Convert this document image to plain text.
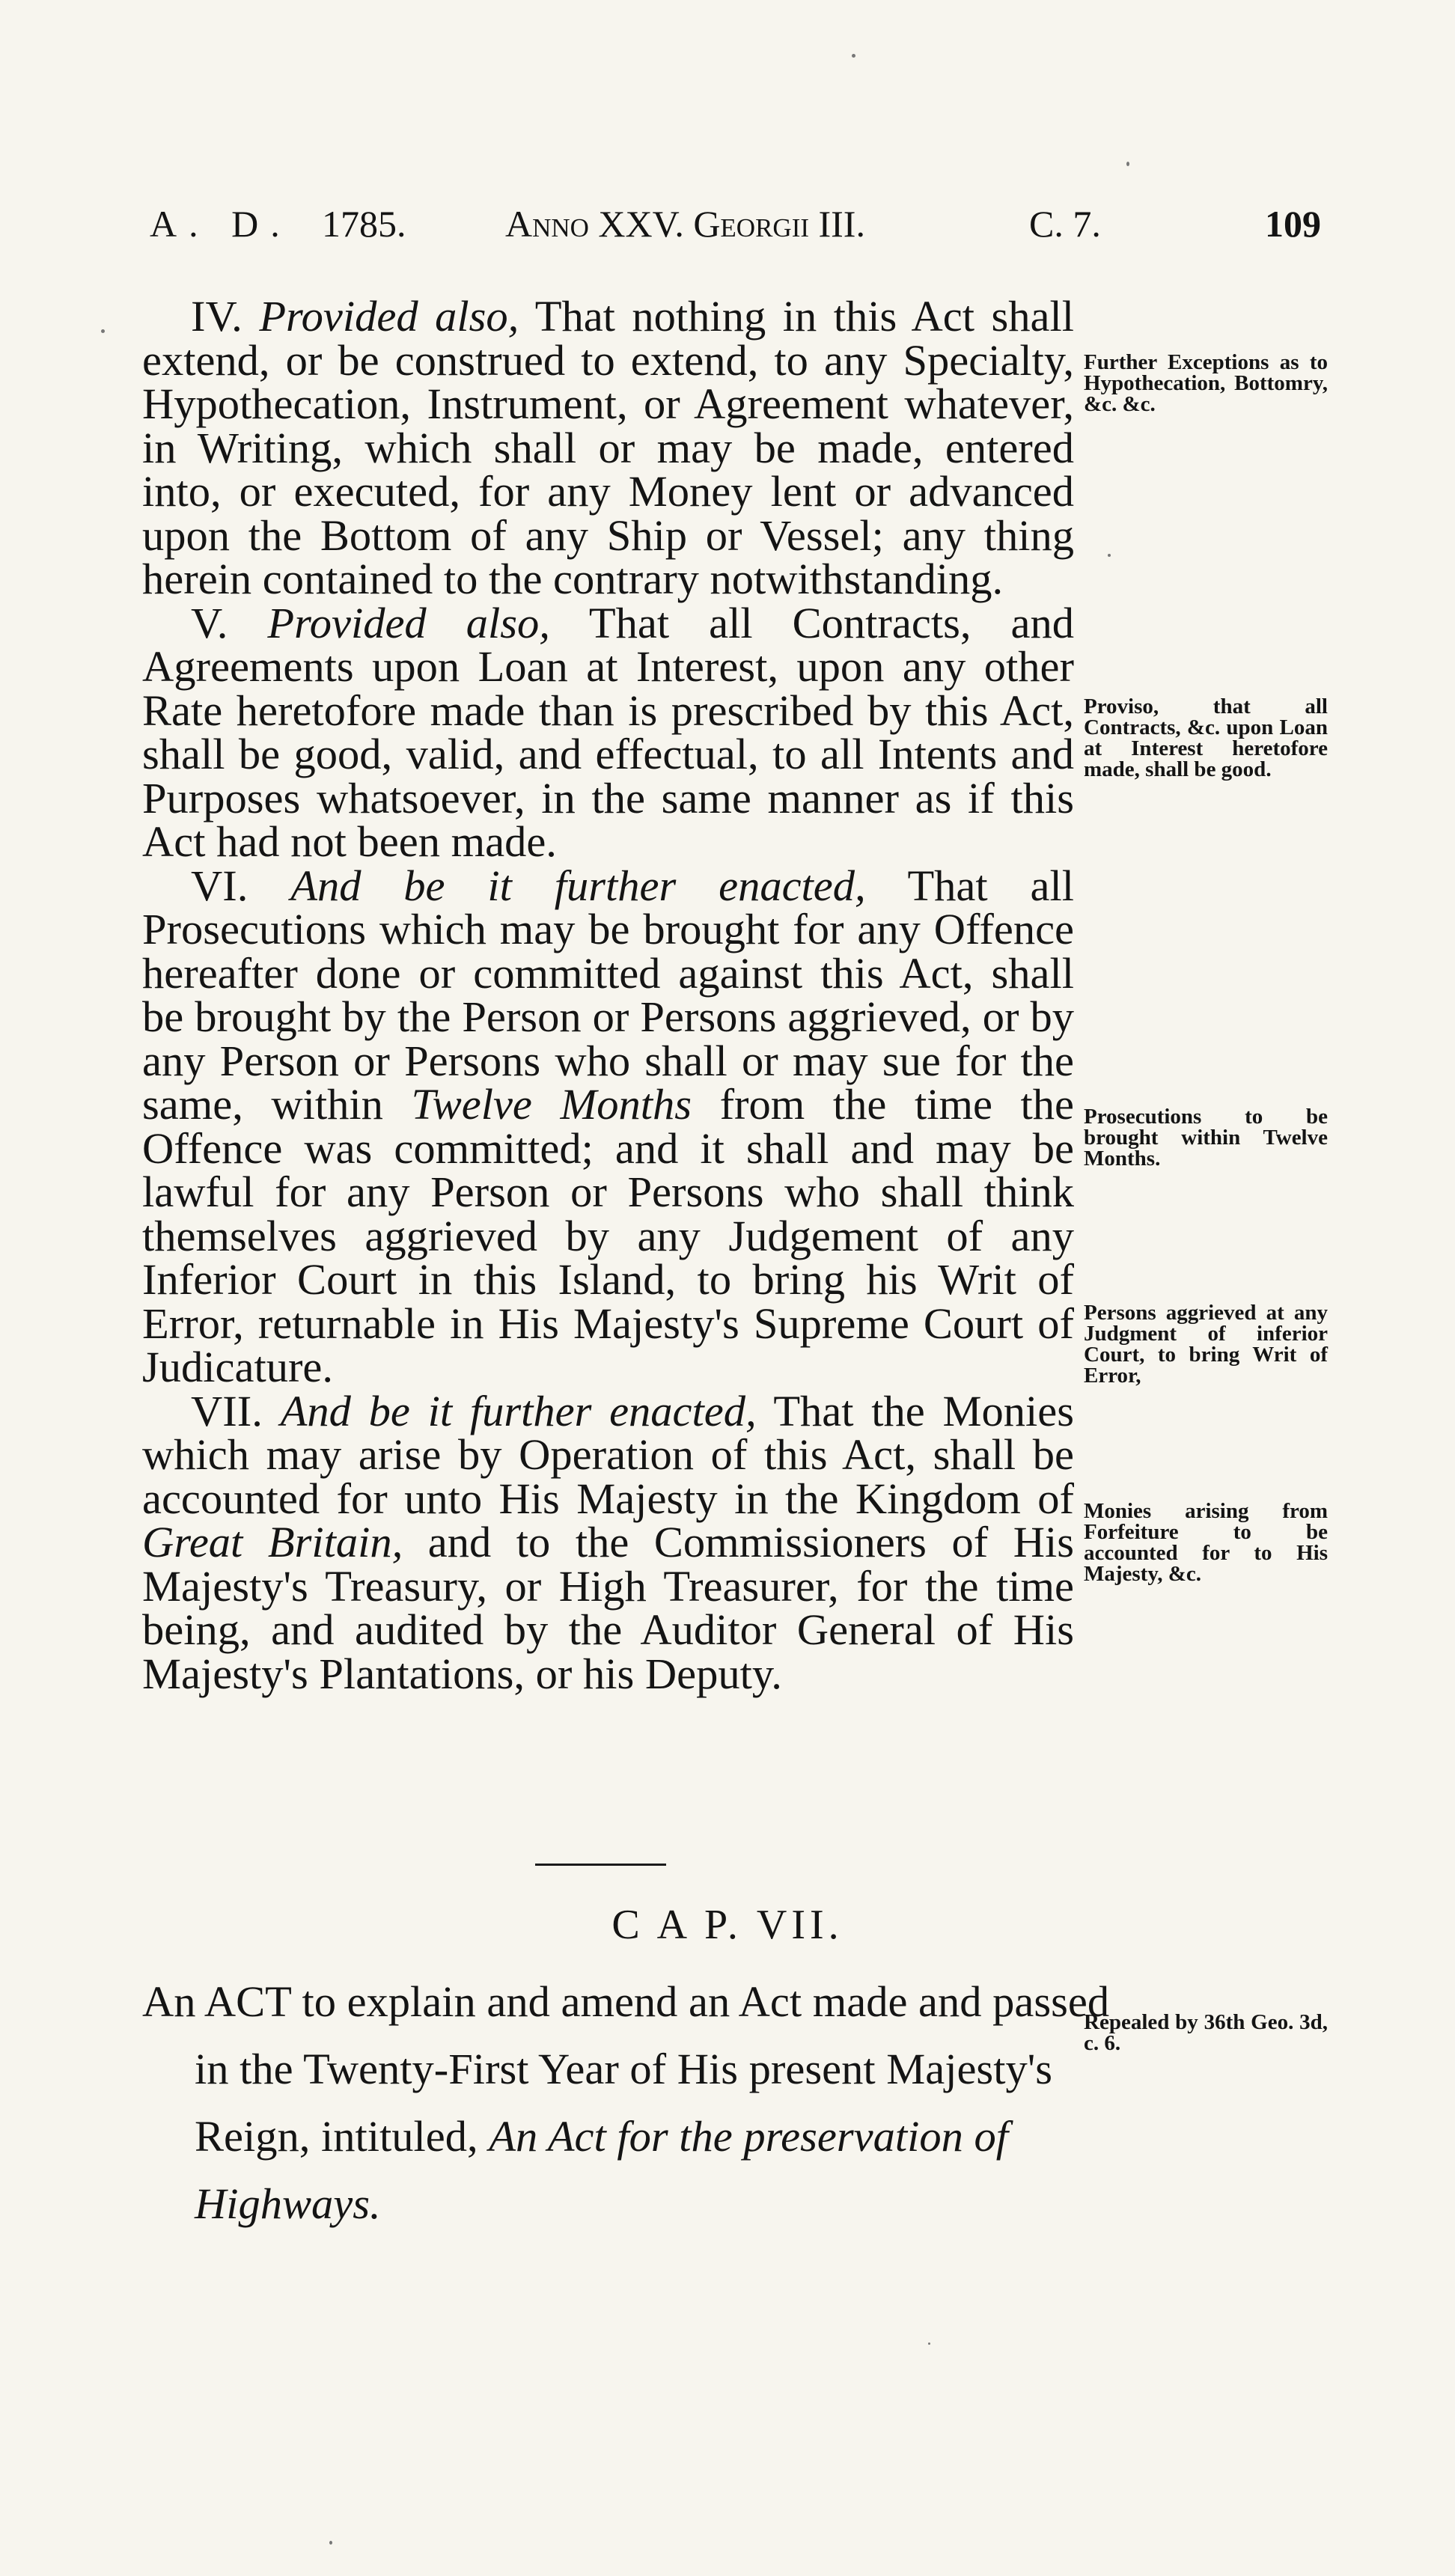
A. D. 1785.	Anno XXV. Georgii III.	C. 7.	109

IV. Provided also, That nothing in this Act shall extend, or be construed to extend, to any Specialty, Hypothecation, Instrument, or Agreement whatever, in Writing, which shall or may be made, entered into, or executed, for any Money lent or advanced upon the Bottom of any Ship or Vessel; any thing herein contained to the contrary notwithstanding.

V. Provided also, That all Contracts, and Agreements upon Loan at Interest, upon any other Rate heretofore made than is prescribed by this Act, shall be good, valid, and effectual, to all Intents and Purposes whatsoever, in the same manner as if this Act had not been made.

VI. And be it further enacted, That all Prosecutions which may be brought for any Offence hereafter done or committed against this Act, shall be brought by the Person or Persons aggrieved, or by any Person or Persons who shall or may sue for the same, within Twelve Months from the time the Offence was committed; and it shall and may be lawful for any Person or Persons who shall think themselves aggrieved by any Judgement of any Inferior Court in this Island, to bring his Writ of Error, returnable in His Majesty's Supreme Court of Judicature.

VII. And be it further enacted, That the Monies which may arise by Operation of this Act, shall be accounted for unto His Majesty in the Kingdom of Great Britain, and to the Commissioners of His Majesty's Treasury, or High Treasurer, for the time being, and audited by the Auditor General of His Majesty's Plantations, or his Deputy.

Further Exceptions as to Hypothecation, Bottomry, &c. &c.
Proviso, that all Contracts, &c. upon Loan at Interest heretofore made, shall be good.
Prosecutions to be brought within Twelve Months.
Persons aggrieved at any Judgment of inferior Court, to bring Writ of Error,
Monies arising from Forfeiture to be accounted for to His Majesty, &c.
Repealed by 36th Geo. 3d, c. 6.
C A P. VII.

An ACT to explain and amend an Act made and passed in the Twenty-First Year of His present Majesty's Reign, intituled, An Act for the preservation of Highways.
